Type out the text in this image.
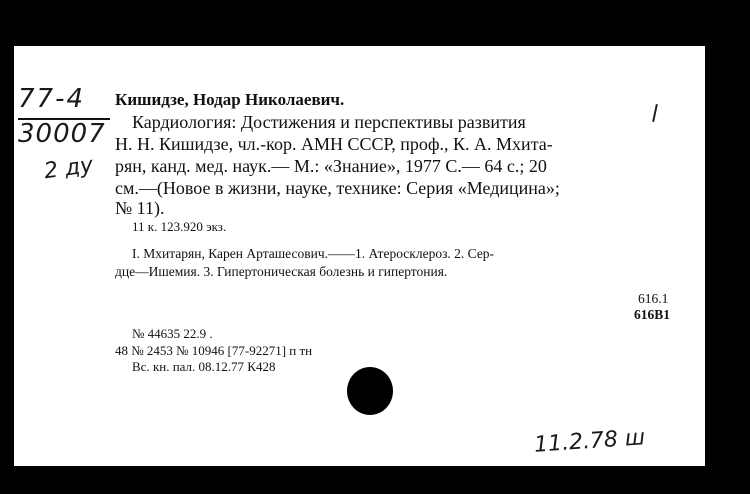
77-4
30007
2 ду
Кишидзе, Нодар Николаевич.
Кардиология: Достижения и перспективы развития
Н. Н. Кишидзе, чл.-кор. АМН СССР, проф., К. А. Мхита-
рян, канд. мед. наук.— М.: «Знание», 1977 С.— 64 с.; 20
см.—(Новое в жизни, науке, технике: Серия «Медицина»;
№ 11).
11 к. 123.920 экз.
I. Мхитарян, Карен Арташесович.——1. Атеросклероз. 2. Сер-
дце—Ишемия. 3. Гипертоническая болезнь и гипертония.
616.1
616В1
№ 44635 22.9 .
48 № 2453 № 10946 [77-92271] п тн
Вс. кн. пал. 08.12.77 К428
11.2.78 ш
